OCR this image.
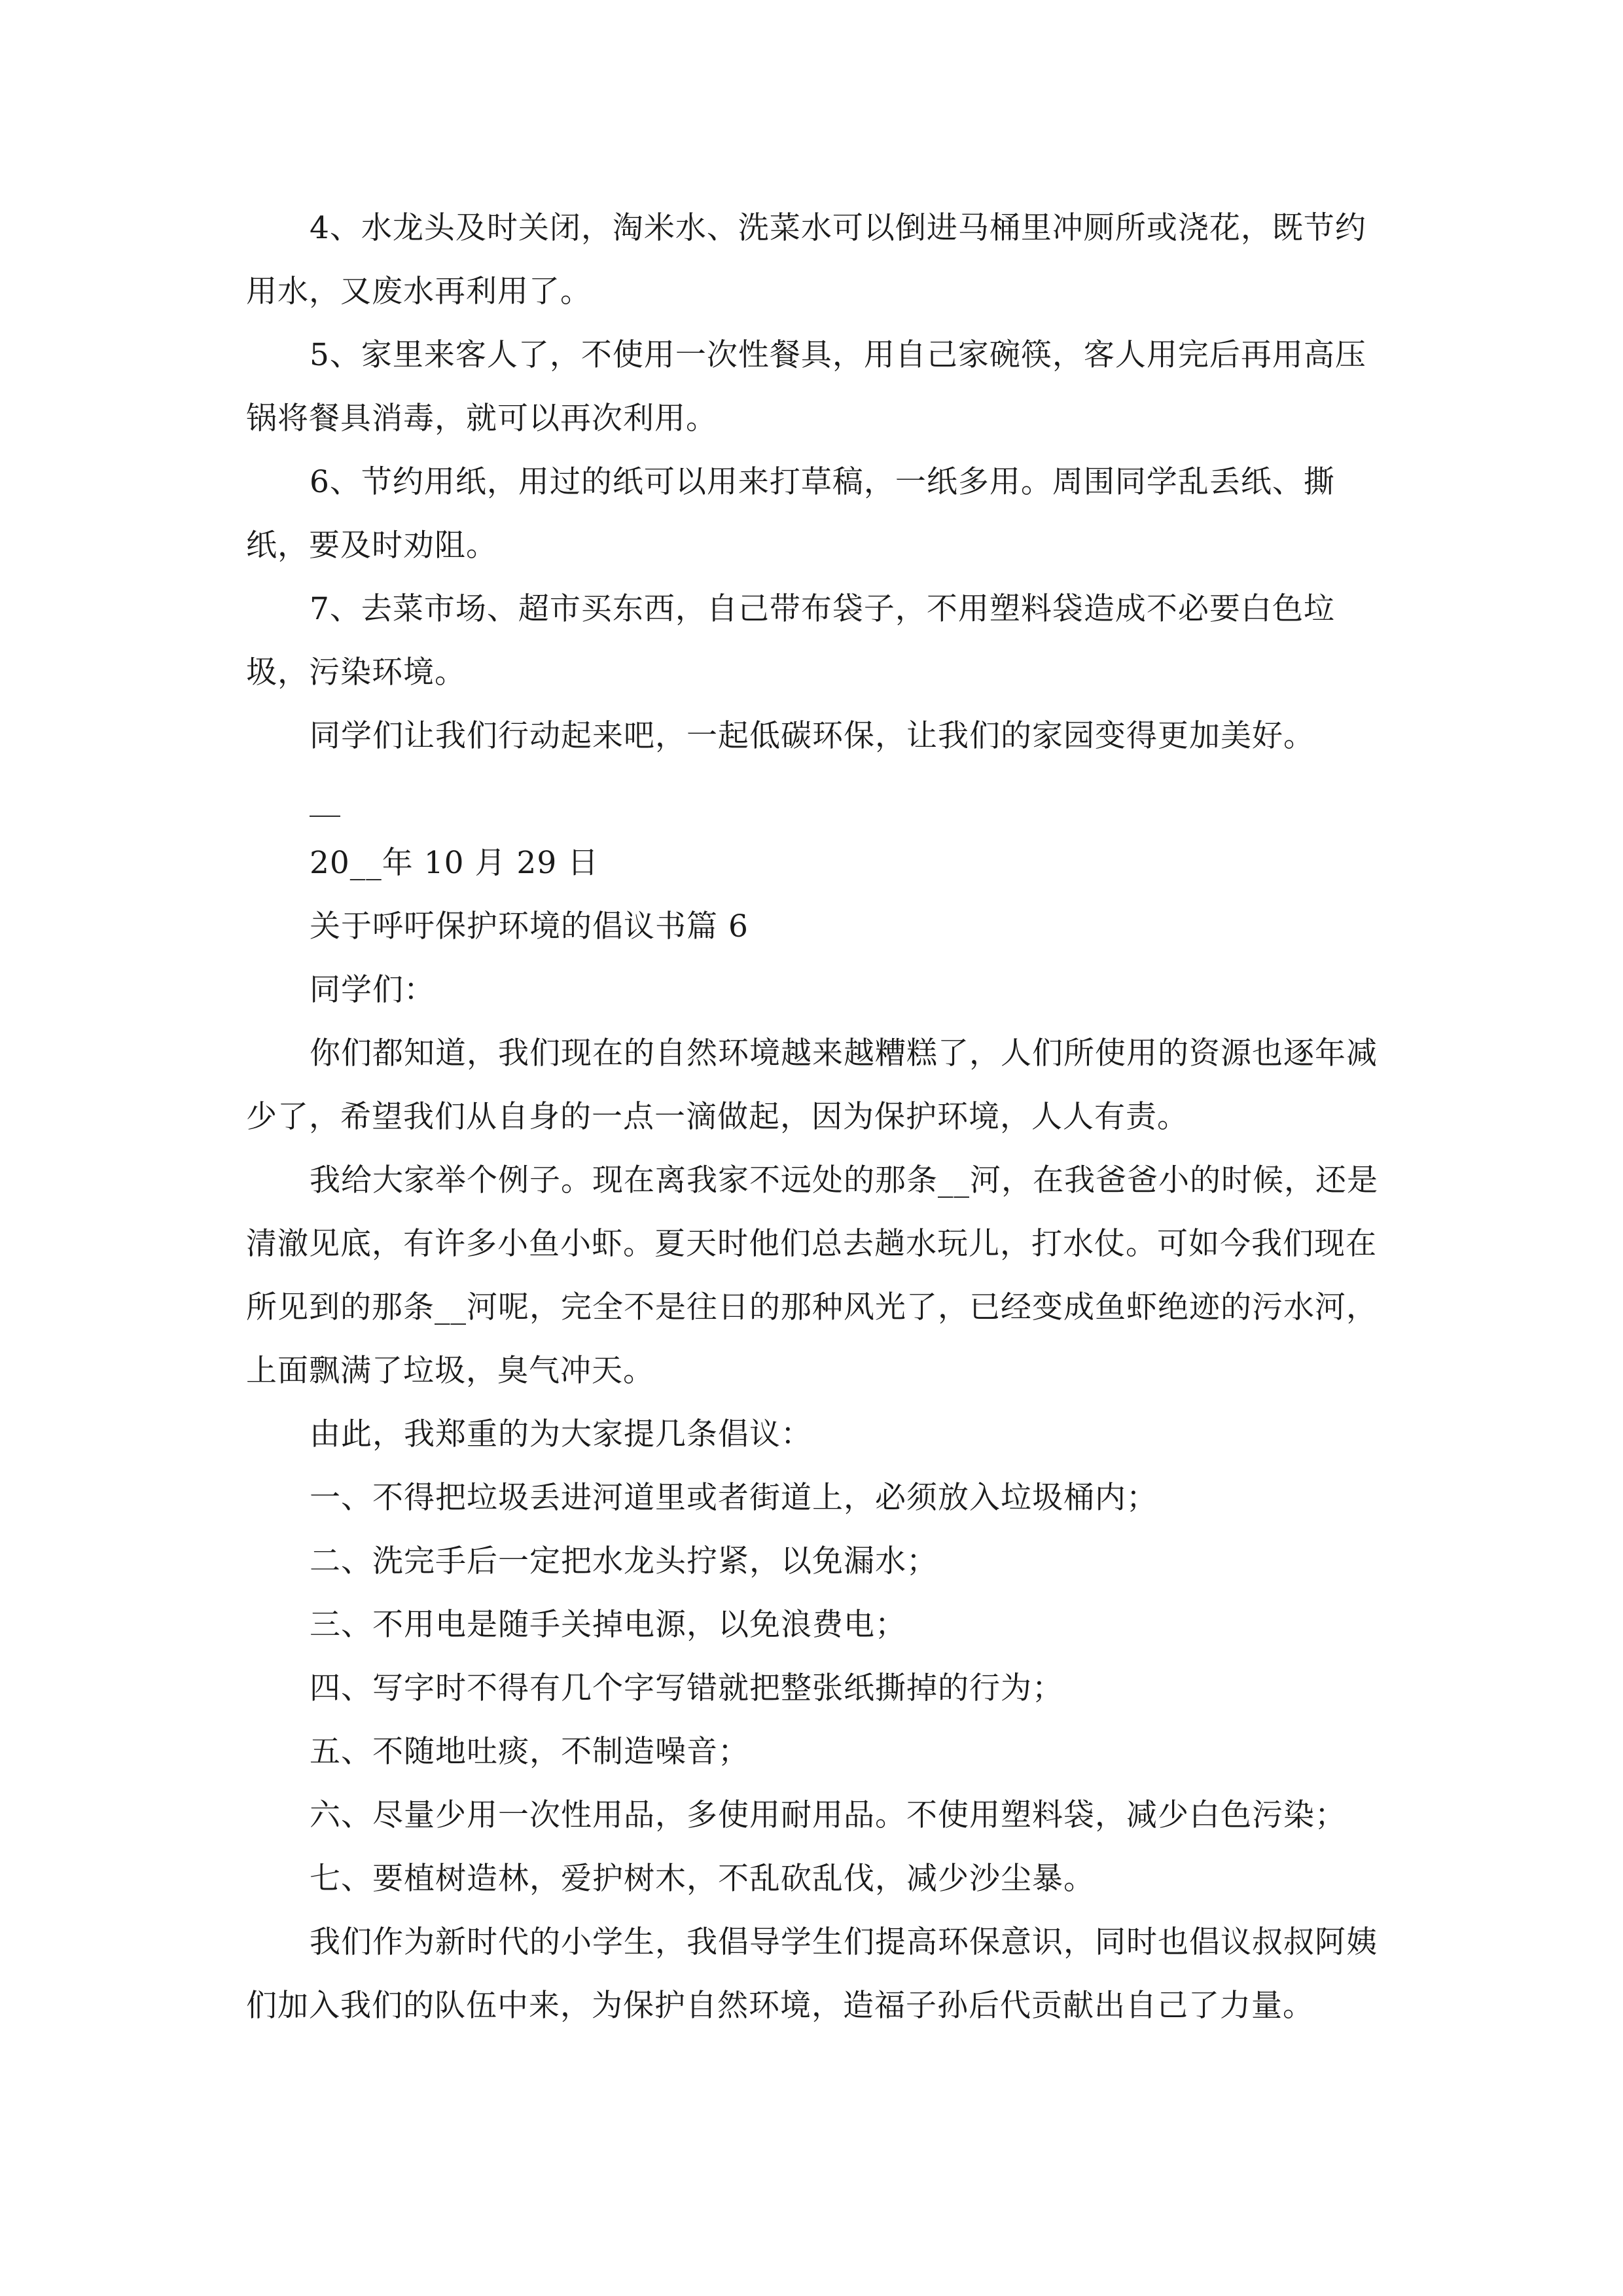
4、水龙头及时关闭，淘米水、洗菜水可以倒进马桶里冲厕所或浇花，既节约用水，又废水再利用了。

5、家里来客人了，不使用一次性餐具，用自己家碗筷，客人用完后再用高压锅将餐具消毒，就可以再次利用。

6、节约用纸，用过的纸可以用来打草稿，一纸多用。周围同学乱丢纸、撕纸，要及时劝阻。

7、去菜市场、超市买东西，自己带布袋子，不用塑料袋造成不必要白色垃圾，污染环境。

同学们让我们行动起来吧，一起低碳环保，让我们的家园变得更加美好。

__

20__年 10 月 29 日

关于呼吁保护环境的倡议书篇 6

同学们：

你们都知道，我们现在的自然环境越来越糟糕了，人们所使用的资源也逐年减少了，希望我们从自身的一点一滴做起，因为保护环境，人人有责。

我给大家举个例子。现在离我家不远处的那条__河，在我爸爸小的时候，还是清澈见底，有许多小鱼小虾。夏天时他们总去趟水玩儿，打水仗。可如今我们现在所见到的那条__河呢，完全不是往日的那种风光了，已经变成鱼虾绝迹的污水河，上面飘满了垃圾，臭气冲天。

由此，我郑重的为大家提几条倡议：

一、不得把垃圾丢进河道里或者街道上，必须放入垃圾桶内；

二、洗完手后一定把水龙头拧紧，以免漏水；

三、不用电是随手关掉电源，以免浪费电；

四、写字时不得有几个字写错就把整张纸撕掉的行为；

五、不随地吐痰，不制造噪音；

六、尽量少用一次性用品，多使用耐用品。不使用塑料袋，减少白色污染；

七、要植树造林，爱护树木，不乱砍乱伐，减少沙尘暴。

我们作为新时代的小学生，我倡导学生们提高环保意识，同时也倡议叔叔阿姨们加入我们的队伍中来，为保护自然环境，造福子孙后代贡献出自己了力量。
